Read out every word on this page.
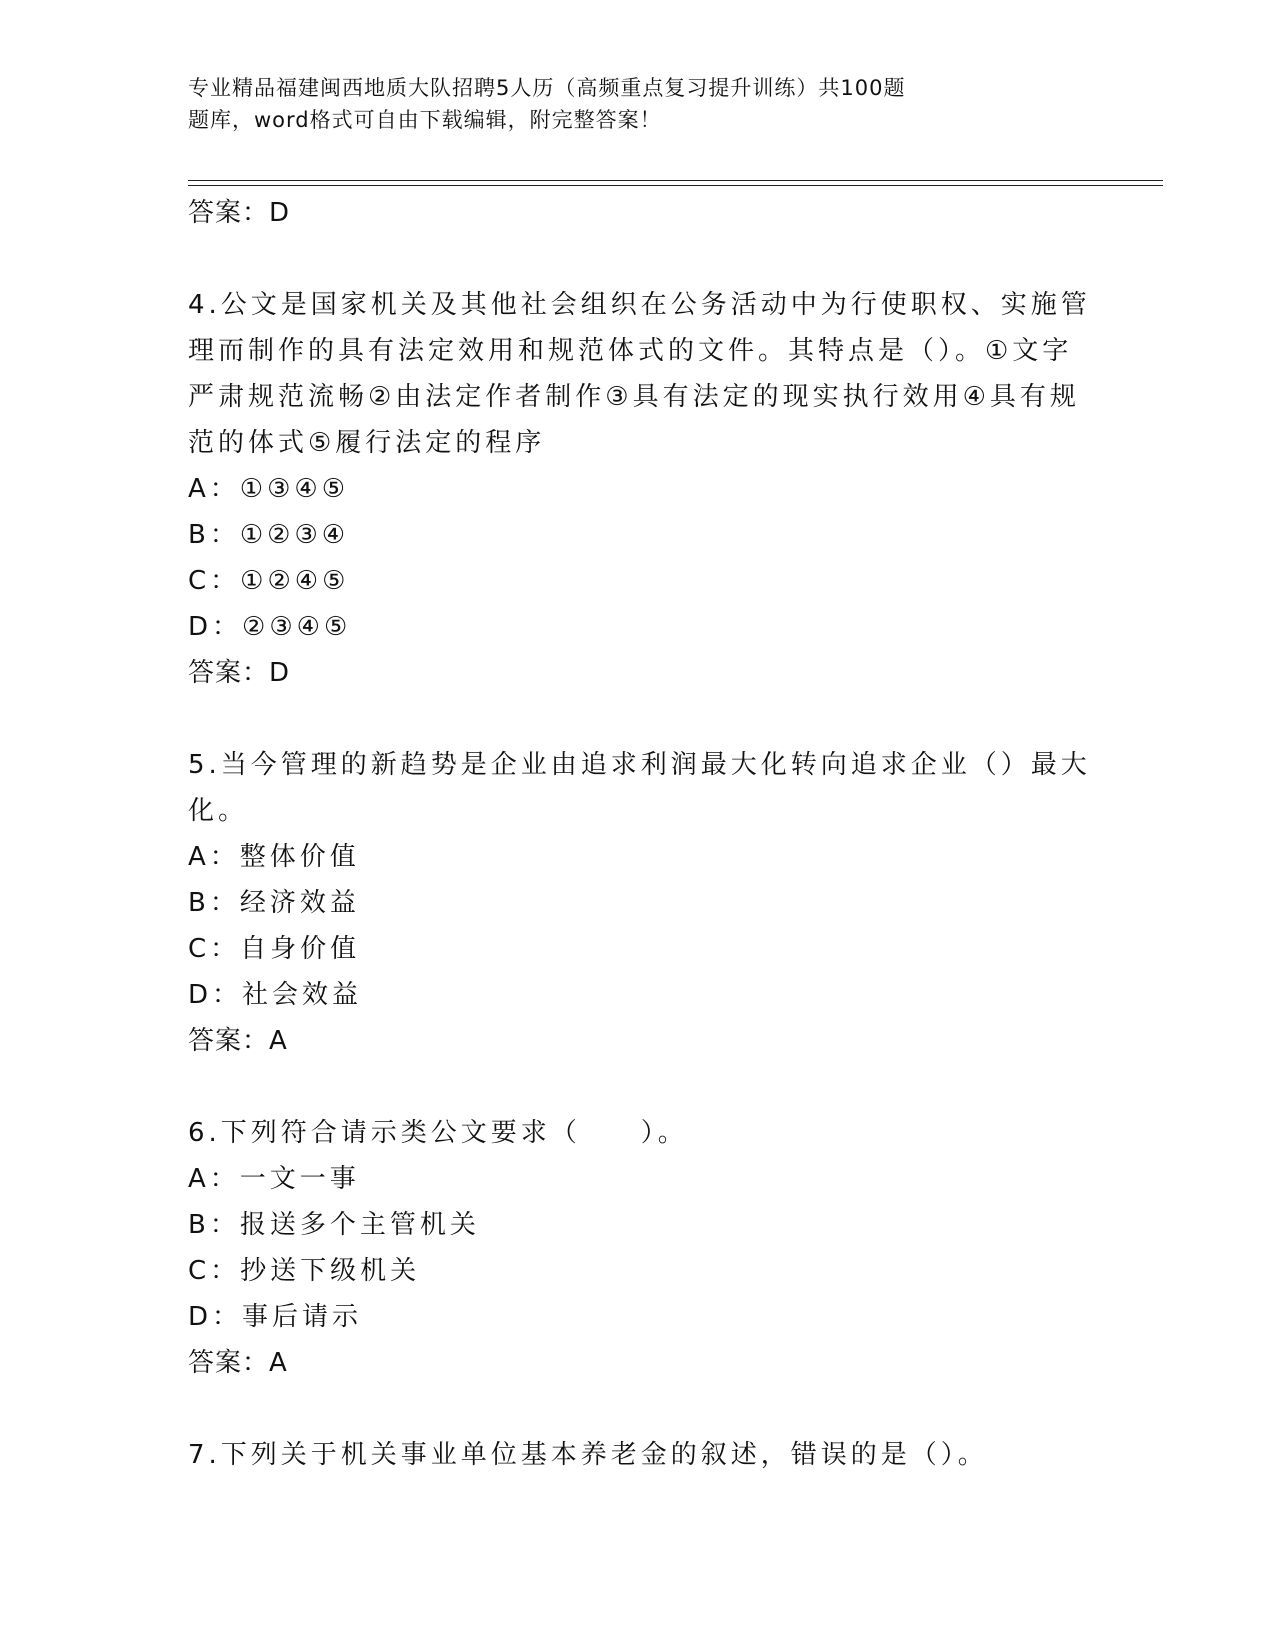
专业精品福建闽西地质大队招聘5人历（高频重点复习提升训练）共100题
题库，word格式可自由下载编辑，附完整答案！
答案：D
4.公文是国家机关及其他社会组织在公务活动中为行使职权、实施管
理而制作的具有法定效用和规范体式的文件。其特点是（）。①文字
严肃规范流畅②由法定作者制作③具有法定的现实执行效用④具有规
范的体式⑤履行法定的程序
A：①③④⑤
B：①②③④
C：①②④⑤
D：②③④⑤
答案：D
5.当今管理的新趋势是企业由追求利润最大化转向追求企业（）最大
化。
A：整体价值
B：经济效益
C：自身价值
D：社会效益
答案：A
6.下列符合请示类公文要求（　　）。
A：一文一事
B：报送多个主管机关
C：抄送下级机关
D：事后请示
答案：A
7.下列关于机关事业单位基本养老金的叙述，错误的是（）。
